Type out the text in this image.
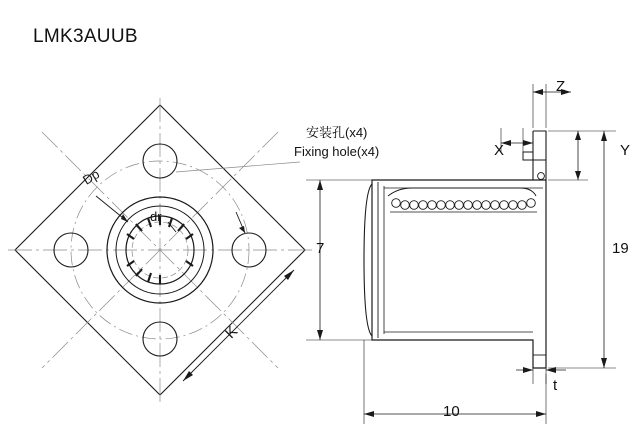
LMK3AUUB
安装孔(x4)
Fixing hole(x4)
Dp
dr
K
7	19
Z
X	Y
t
10
